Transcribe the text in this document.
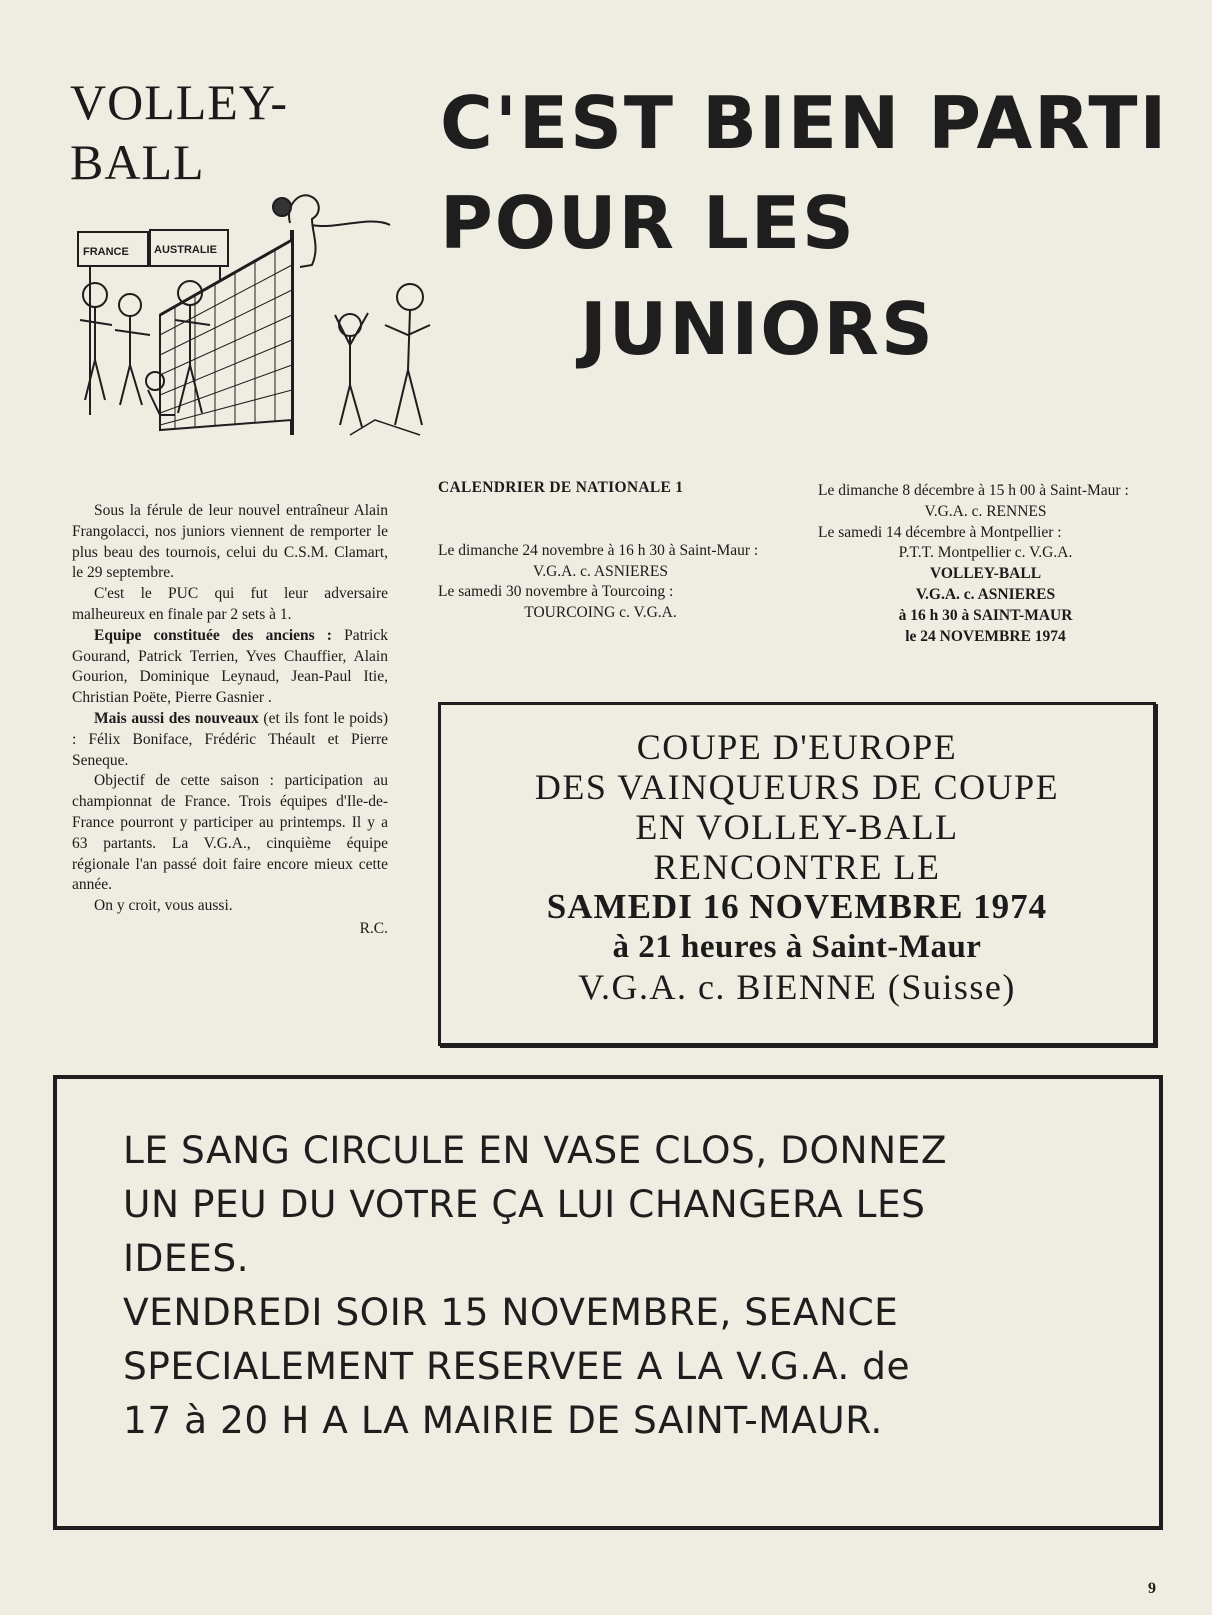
VOLLEY-
BALL	C'EST BIEN PARTI
POUR LES
JUNIORS
FRANCE AUSTRALIE

Sous la férule de leur nouvel entraîneur Alain Frangolacci, nos juniors viennent de remporter le plus beau des tournois, celui du C.S.M. Clamart, le 29 septembre.

C'est le PUC qui fut leur adversaire malheureux en finale par 2 sets à 1.

Equipe constituée des anciens : Patrick Gourand, Patrick Terrien, Yves Chauffier, Alain Gourion, Dominique Leynaud, Jean-Paul Itie, Christian Poëte, Pierre Gasnier .

Mais aussi des nouveaux (et ils font le poids) : Félix Boniface, Frédéric Théault et Pierre Seneque.

Objectif de cette saison : participation au championnat de France. Trois équipes d'Ile-de-France pourront y participer au printemps. Il y a 63 partants. La V.G.A., cinquième équipe régionale l'an passé doit faire encore mieux cette année.

On y croit, vous aussi.

R.C.
CALENDRIER DE NATIONALE 1

Le dimanche 24 novembre à 16 h 30 à Saint-Maur :

V.G.A. c. ASNIERES

Le samedi 30 novembre à Tourcoing :

TOURCOING c. V.G.A.

Le dimanche 8 décembre à 15 h 00 à Saint-Maur :

V.G.A. c. RENNES

Le samedi 14 décembre à Montpellier :

P.T.T. Montpellier c. V.G.A.

VOLLEY-BALL

V.G.A. c. ASNIERES

à 16 h 30 à SAINT-MAUR

le 24 NOVEMBRE 1974

COUPE D'EUROPE
DES VAINQUEURS DE COUPE
EN VOLLEY-BALL
RENCONTRE LE
SAMEDI 16 NOVEMBRE 1974
à 21 heures à Saint-Maur
V.G.A. c. BIENNE (Suisse)

LE SANG CIRCULE EN VASE CLOS, DONNEZ

UN PEU DU VOTRE ÇA LUI CHANGERA LES

IDEES.

VENDREDI SOIR 15 NOVEMBRE, SEANCE

SPECIALEMENT RESERVEE A LA V.G.A. de

17 à 20 H A LA MAIRIE DE SAINT-MAUR.

9
